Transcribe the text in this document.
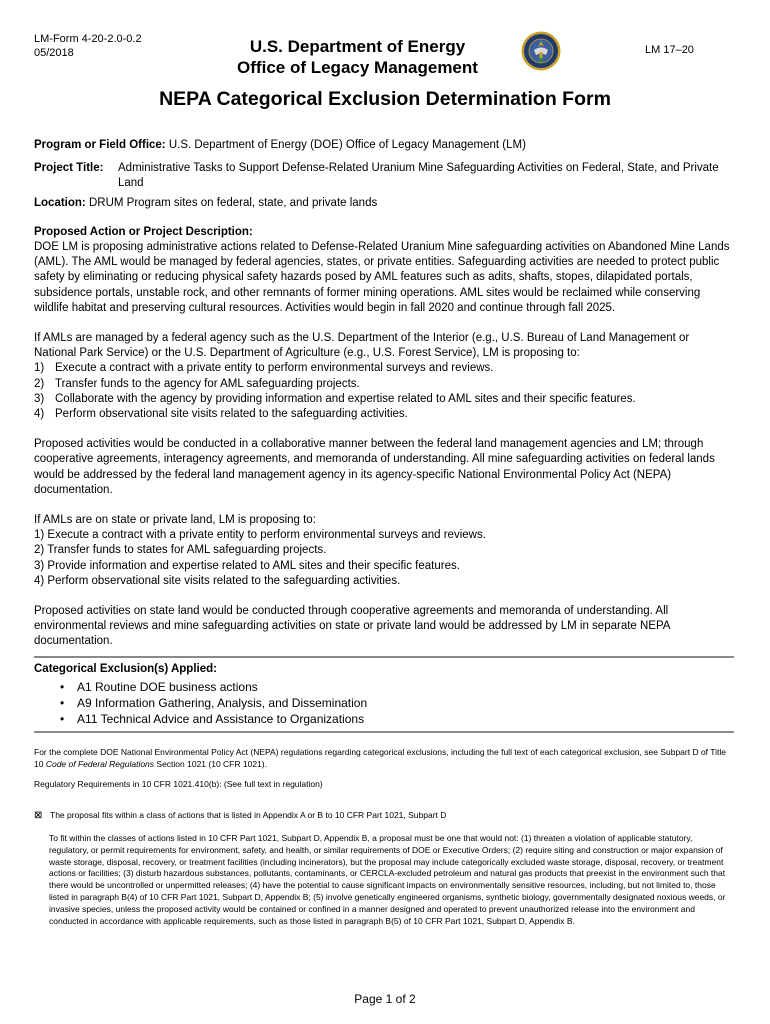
LM-Form 4-20-2.0-0.2
05/2018	U.S. Department of Energy
Office of Legacy Management
LM 17–20
NEPA Categorical Exclusion Determination Form
Program or Field Office: U.S. Department of Energy (DOE) Office of Legacy Management (LM)
Project Title:	Administrative Tasks to Support Defense-Related Uranium Mine Safeguarding Activities on Federal, State, and Private Land
Location: DRUM Program sites on federal, state, and private lands
Proposed Action or Project Description:
DOE LM is proposing administrative actions related to Defense-Related Uranium Mine safeguarding activities on Abandoned Mine Lands (AML). The AML would be managed by federal agencies, states, or private entities. Safeguarding activities are needed to protect public safety by eliminating or reducing physical safety hazards posed by AML features such as adits, shafts, stopes, dilapidated portals, subsidence portals, unstable rock, and other remnants of former mining operations. AML sites would be reclaimed while conserving wildlife habitat and preserving cultural resources. Activities would begin in fall 2020 and continue through fall 2025.
If AMLs are managed by a federal agency such as the U.S. Department of the Interior (e.g., U.S. Bureau of Land Management or National Park Service) or the U.S. Department of Agriculture (e.g., U.S. Forest Service), LM is proposing to:
1) Execute a contract with a private entity to perform environmental surveys and reviews.
2) Transfer funds to the agency for AML safeguarding projects.
3) Collaborate with the agency by providing information and expertise related to AML sites and their specific features.
4) Perform observational site visits related to the safeguarding activities.
Proposed activities would be conducted in a collaborative manner between the federal land management agencies and LM; through cooperative agreements, interagency agreements, and memoranda of understanding. All mine safeguarding activities on federal lands would be addressed by the federal land management agency in its agency-specific National Environmental Policy Act (NEPA) documentation.
If AMLs are on state or private land, LM is proposing to:
1) Execute a contract with a private entity to perform environmental surveys and reviews.
2) Transfer funds to states for AML safeguarding projects.
3) Provide information and expertise related to AML sites and their specific features.
4) Perform observational site visits related to the safeguarding activities.
Proposed activities on state land would be conducted through cooperative agreements and memoranda of understanding. All environmental reviews and mine safeguarding activities on state or private land would be addressed by LM in separate NEPA documentation.
Categorical Exclusion(s) Applied:
•	A1 Routine DOE business actions
•	A9 Information Gathering, Analysis, and Dissemination
•	A11 Technical Advice and Assistance to Organizations
For the complete DOE National Environmental Policy Act (NEPA) regulations regarding categorical exclusions, including the full text of each categorical exclusion, see Subpart D of Title 10 Code of Federal Regulations Section 1021 (10 CFR 1021).
Regulatory Requirements in 10 CFR 1021.410(b): (See full text in regulation)
⊠ The proposal fits within a class of actions that is listed in Appendix A or B to 10 CFR Part 1021, Subpart D
To fit within the classes of actions listed in 10 CFR Part 1021, Subpart D, Appendix B, a proposal must be one that would not: (1) threaten a violation of applicable statutory, regulatory, or permit requirements for environment, safety, and health, or similar requirements of DOE or Executive Orders; (2) require siting and construction or major expansion of waste storage, disposal, recovery, or treatment facilities (including incinerators), but the proposal may include categorically excluded waste storage, disposal, recovery, or treatment actions or facilities; (3) disturb hazardous substances, pollutants, contaminants, or CERCLA-excluded petroleum and natural gas products that preexist in the environment such that there would be uncontrolled or unpermitted releases; (4) have the potential to cause significant impacts on environmentally sensitive resources, including, but not limited to, those listed in paragraph B(4) of 10 CFR Part 1021, Subpart D, Appendix B; (5) involve genetically engineered organisms, synthetic biology, governmentally designated noxious weeds, or invasive species, unless the proposed activity would be contained or confined in a manner designed and operated to prevent unauthorized release into the environment and conducted in accordance with applicable requirements, such as those listed in paragraph B(5) of 10 CFR Part 1021, Subpart D, Appendix B.
Page 1 of 2
